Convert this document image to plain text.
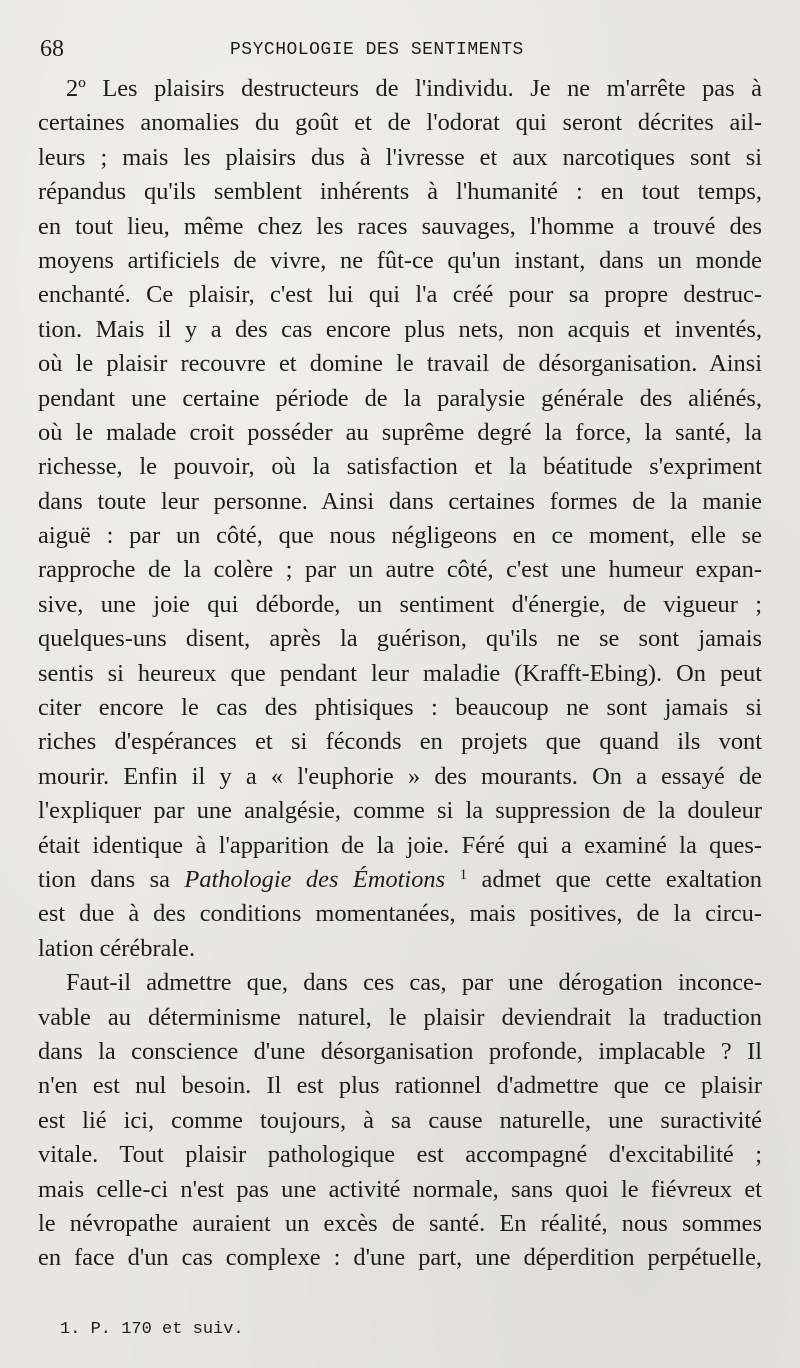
68	PSYCHOLOGIE DES SENTIMENTS
2º Les plaisirs destructeurs de l'individu. Je ne m'arrête pas à
certaines anomalies du goût et de l'odorat qui seront décrites ail-
leurs ; mais les plaisirs dus à l'ivresse et aux narcotiques sont si
répandus qu'ils semblent inhérents à l'humanité : en tout temps,
en tout lieu, même chez les races sauvages, l'homme a trouvé des
moyens artificiels de vivre, ne fût-ce qu'un instant, dans un monde
enchanté. Ce plaisir, c'est lui qui l'a créé pour sa propre destruc-
tion. Mais il y a des cas encore plus nets, non acquis et inventés,
où le plaisir recouvre et domine le travail de désorganisation. Ainsi
pendant une certaine période de la paralysie générale des aliénés,
où le malade croit posséder au suprême degré la force, la santé, la
richesse, le pouvoir, où la satisfaction et la béatitude s'expriment
dans toute leur personne. Ainsi dans certaines formes de la manie
aiguë : par un côté, que nous négligeons en ce moment, elle se
rapproche de la colère ; par un autre côté, c'est une humeur expan-
sive, une joie qui déborde, un sentiment d'énergie, de vigueur ;
quelques-uns disent, après la guérison, qu'ils ne se sont jamais
sentis si heureux que pendant leur maladie (Krafft-Ebing). On peut
citer encore le cas des phtisiques : beaucoup ne sont jamais si
riches d'espérances et si féconds en projets que quand ils vont
mourir. Enfin il y a « l'euphorie » des mourants. On a essayé de
l'expliquer par une analgésie, comme si la suppression de la douleur
était identique à l'apparition de la joie. Féré qui a examiné la ques-
tion dans sa Pathologie des Émotions $^1$ admet que cette exaltation
est due à des conditions momentanées, mais positives, de la circu-
lation cérébrale.
Faut-il admettre que, dans ces cas, par une dérogation inconce-
vable au déterminisme naturel, le plaisir deviendrait la traduction
dans la conscience d'une désorganisation profonde, implacable ? Il
n'en est nul besoin. Il est plus rationnel d'admettre que ce plaisir
est lié ici, comme toujours, à sa cause naturelle, une suractivité
vitale. Tout plaisir pathologique est accompagné d'excitabilité ;
mais celle-ci n'est pas une activité normale, sans quoi le fiévreux et
le névropathe auraient un excès de santé. En réalité, nous sommes
en face d'un cas complexe : d'une part, une déperdition perpétuelle,
1. P. 170 et suiv.
